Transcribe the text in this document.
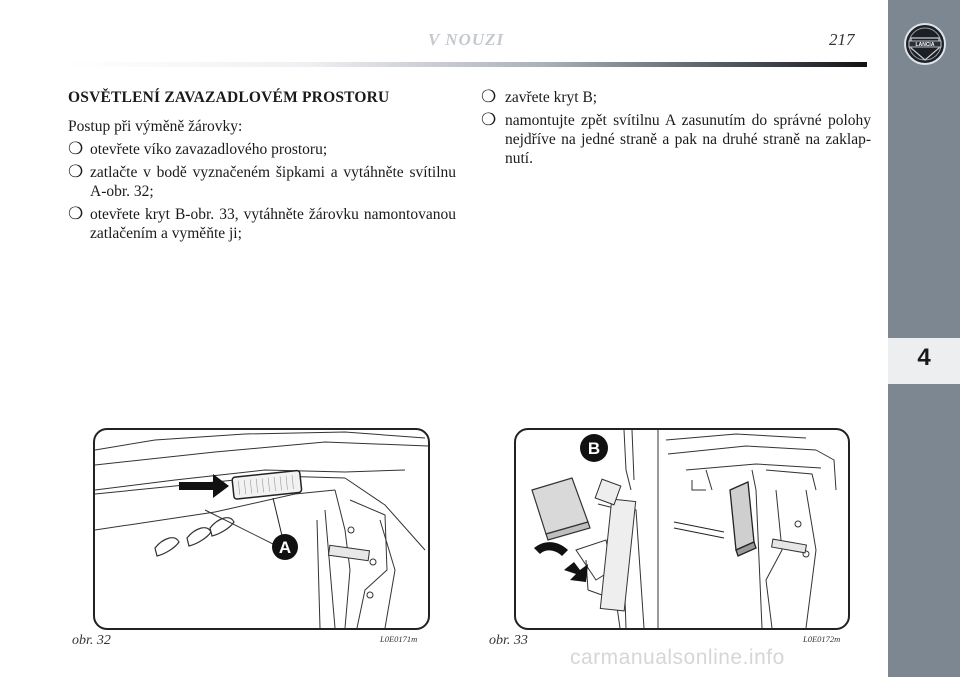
V NOUZI	217
4
LANCIA
OSVĚTLENÍ ZAVAZADLOVÉM PROSTORU
Postup při výměně žárovky:
❍ otevřete víko zavazadlového prostoru;
❍ zatlačte v bodě vyznačeném šipkami a vytáhněte svítilnu A-obr. 32;
❍ otevřete kryt B-obr. 33, vytáhněte žárovku namontovanou zatlačením a vyměňte ji;
❍ zavřete kryt B;
❍ namontujte zpět svítilnu A zasunutím do správné polohy nejdříve na jedné straně a pak na druhé straně na zaklap-nutí.
A
obr. 32	L0E0171m
B
obr. 33	L0E0172m
carmanualsonline.info
